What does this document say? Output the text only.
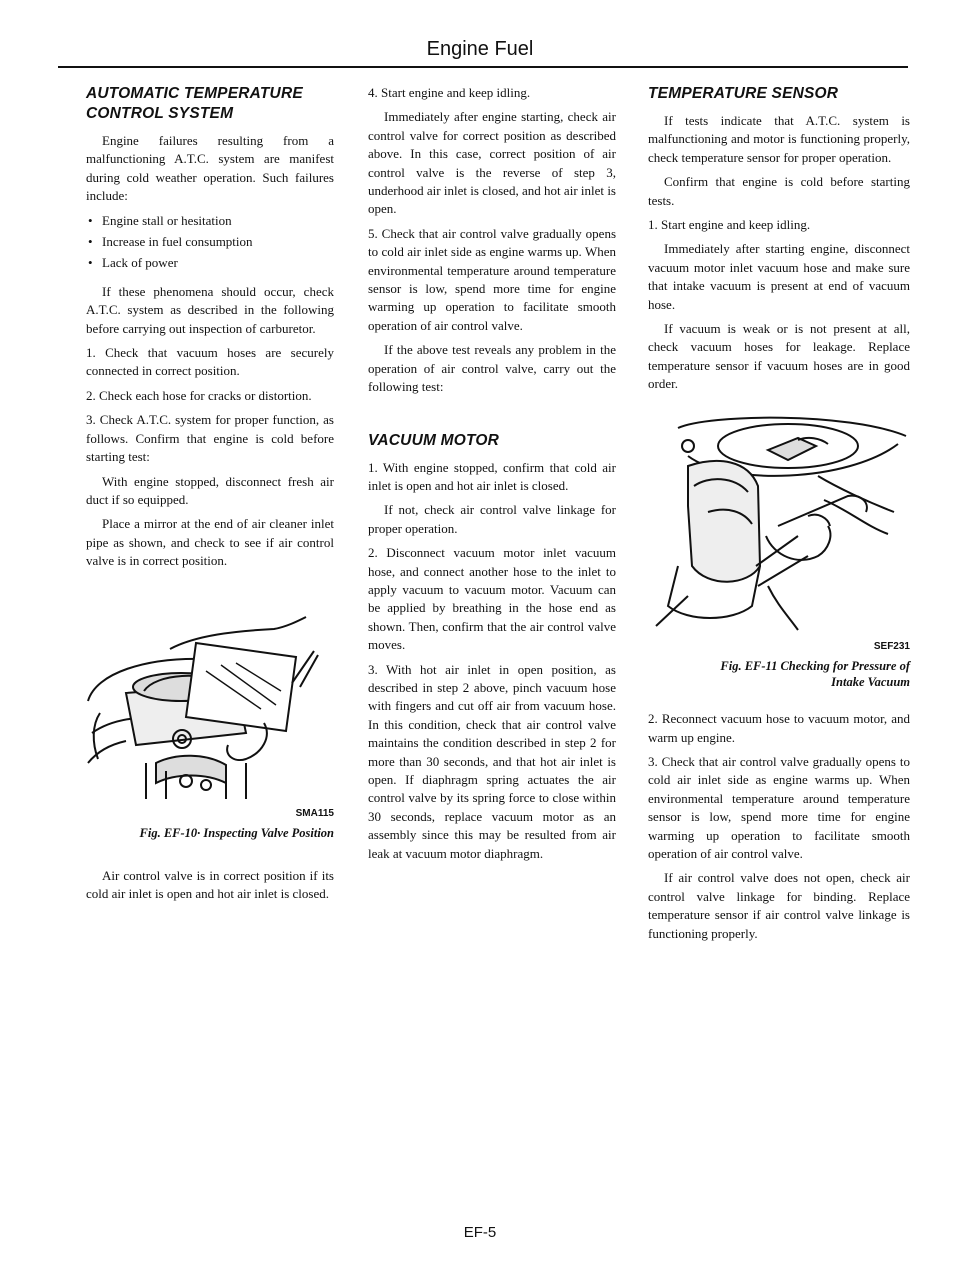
Engine Fuel
AUTOMATIC TEMPERATURE
CONTROL SYSTEM

Engine failures resulting from a malfunctioning A.T.C. system are manifest during cold weather operation. Such failures include:

• Engine stall or hesitation
• Increase in fuel consumption
• Lack of power

If these phenomena should occur, check A.T.C. system as described in the following before carrying out inspection of carburetor.

1. Check that vacuum hoses are securely connected in correct position.

2. Check each hose for cracks or distortion.

3. Check A.T.C. system for proper function, as follows. Confirm that engine is cold before starting test:

With engine stopped, disconnect fresh air duct if so equipped.

Place a mirror at the end of air cleaner inlet pipe as shown, and check to see if air control valve is in correct position.

SMA115

Fig. EF-10· Inspecting Valve Position

Air control valve is in correct position if its cold air inlet is open and hot air inlet is closed.

4. Start engine and keep idling.

Immediately after engine starting, check air control valve for correct position as described above. In this case, correct position of air control valve is the reverse of step 3, underhood air inlet is closed, and hot air inlet is open.

5. Check that air control valve gradually opens to cold air inlet side as engine warms up. When environmental temperature around temperature sensor is low, spend more time for engine warming up operation to facilitate smooth operation of air control valve.

If the above test reveals any problem in the operation of air control valve, carry out the following test:

VACUUM MOTOR

1. With engine stopped, confirm that cold air inlet is open and hot air inlet is closed.

If not, check air control valve linkage for proper operation.

2. Disconnect vacuum motor inlet vacuum hose, and connect another hose to the inlet to apply vacuum to vacuum motor. Vacuum can be applied by breathing in the hose end as shown. Then, confirm that the air control valve moves.

3. With hot air inlet in open position, as described in step 2 above, pinch vacuum hose with fingers and cut off air from vacuum hose. In this condition, check that air control valve maintains the condition described in step 2 for more than 30 seconds, and that hot air inlet is open. If diaphragm spring actuates the air control valve by its spring force to close within 30 seconds, replace vacuum motor as an assembly since this may be resulted from air leak at vacuum motor diaphragm.

TEMPERATURE SENSOR

If tests indicate that A.T.C. system is malfunctioning and motor is functioning properly, check temperature sensor for proper operation.

Confirm that engine is cold before starting tests.

1. Start engine and keep idling.

Immediately after starting engine, disconnect vacuum motor inlet vacuum hose and make sure that intake vacuum is present at end of vacuum hose.

If vacuum is weak or is not present at all, check vacuum hoses for leakage. Replace temperature sensor if vacuum hoses are in good order.

SEF231

Fig. EF-11 Checking for Pressure of
Intake Vacuum

2. Reconnect vacuum hose to vacuum motor, and warm up engine.

3. Check that air control valve gradually opens to cold air inlet side as engine warms up. When environmental temperature around temperature sensor is low, spend more time for engine warming up operation to facilitate smooth operation of air control valve.

If air control valve does not open, check air control valve linkage for binding. Replace temperature sensor if air control valve linkage is functioning properly.

EF-5
